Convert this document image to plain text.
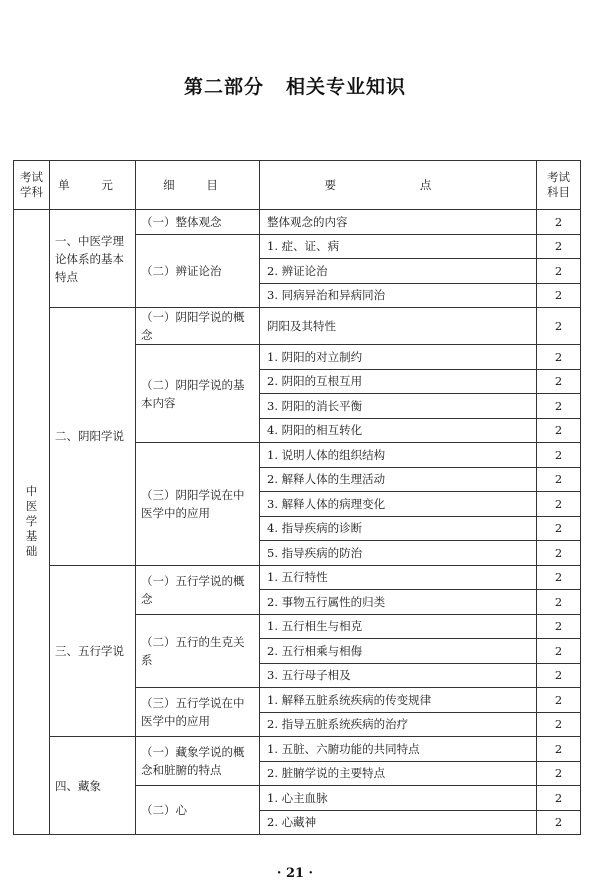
第二部分 相关专业知识
考试学科	单 元	细 目	要 点	考试科目
中医学基础	一、中医学理论体系的基本特点	（一）整体观念	整体观念的内容	2
		（二）辨证论治	1. 症、证、病	2
			2. 辨证论治	2
			3. 同病异治和异病同治	2
	二、阴阳学说	（一）阴阳学说的概念	阴阳及其特性	2
		（二）阴阳学说的基本内容	1. 阴阳的对立制约	2
			2. 阴阳的互根互用	2
			3. 阴阳的消长平衡	2
			4. 阴阳的相互转化	2
		（三）阴阳学说在中医学中的应用	1. 说明人体的组织结构	2
			2. 解释人体的生理活动	2
			3. 解释人体的病理变化	2
			4. 指导疾病的诊断	2
			5. 指导疾病的防治	2
	三、五行学说	（一）五行学说的概念	1. 五行特性	2
			2. 事物五行属性的归类	2
		（二）五行的生克关系	1. 五行相生与相克	2
			2. 五行相乘与相侮	2
			3. 五行母子相及	2
		（三）五行学说在中医学中的应用	1. 解释五脏系统疾病的传变规律	2
			2. 指导五脏系统疾病的治疗	2
	四、藏象	（一）藏象学说的概念和脏腑的特点	1. 五脏、六腑功能的共同特点	2
			2. 脏腑学说的主要特点	2
		（二）心	1. 心主血脉	2
			2. 心藏神	2
· 21 ·
